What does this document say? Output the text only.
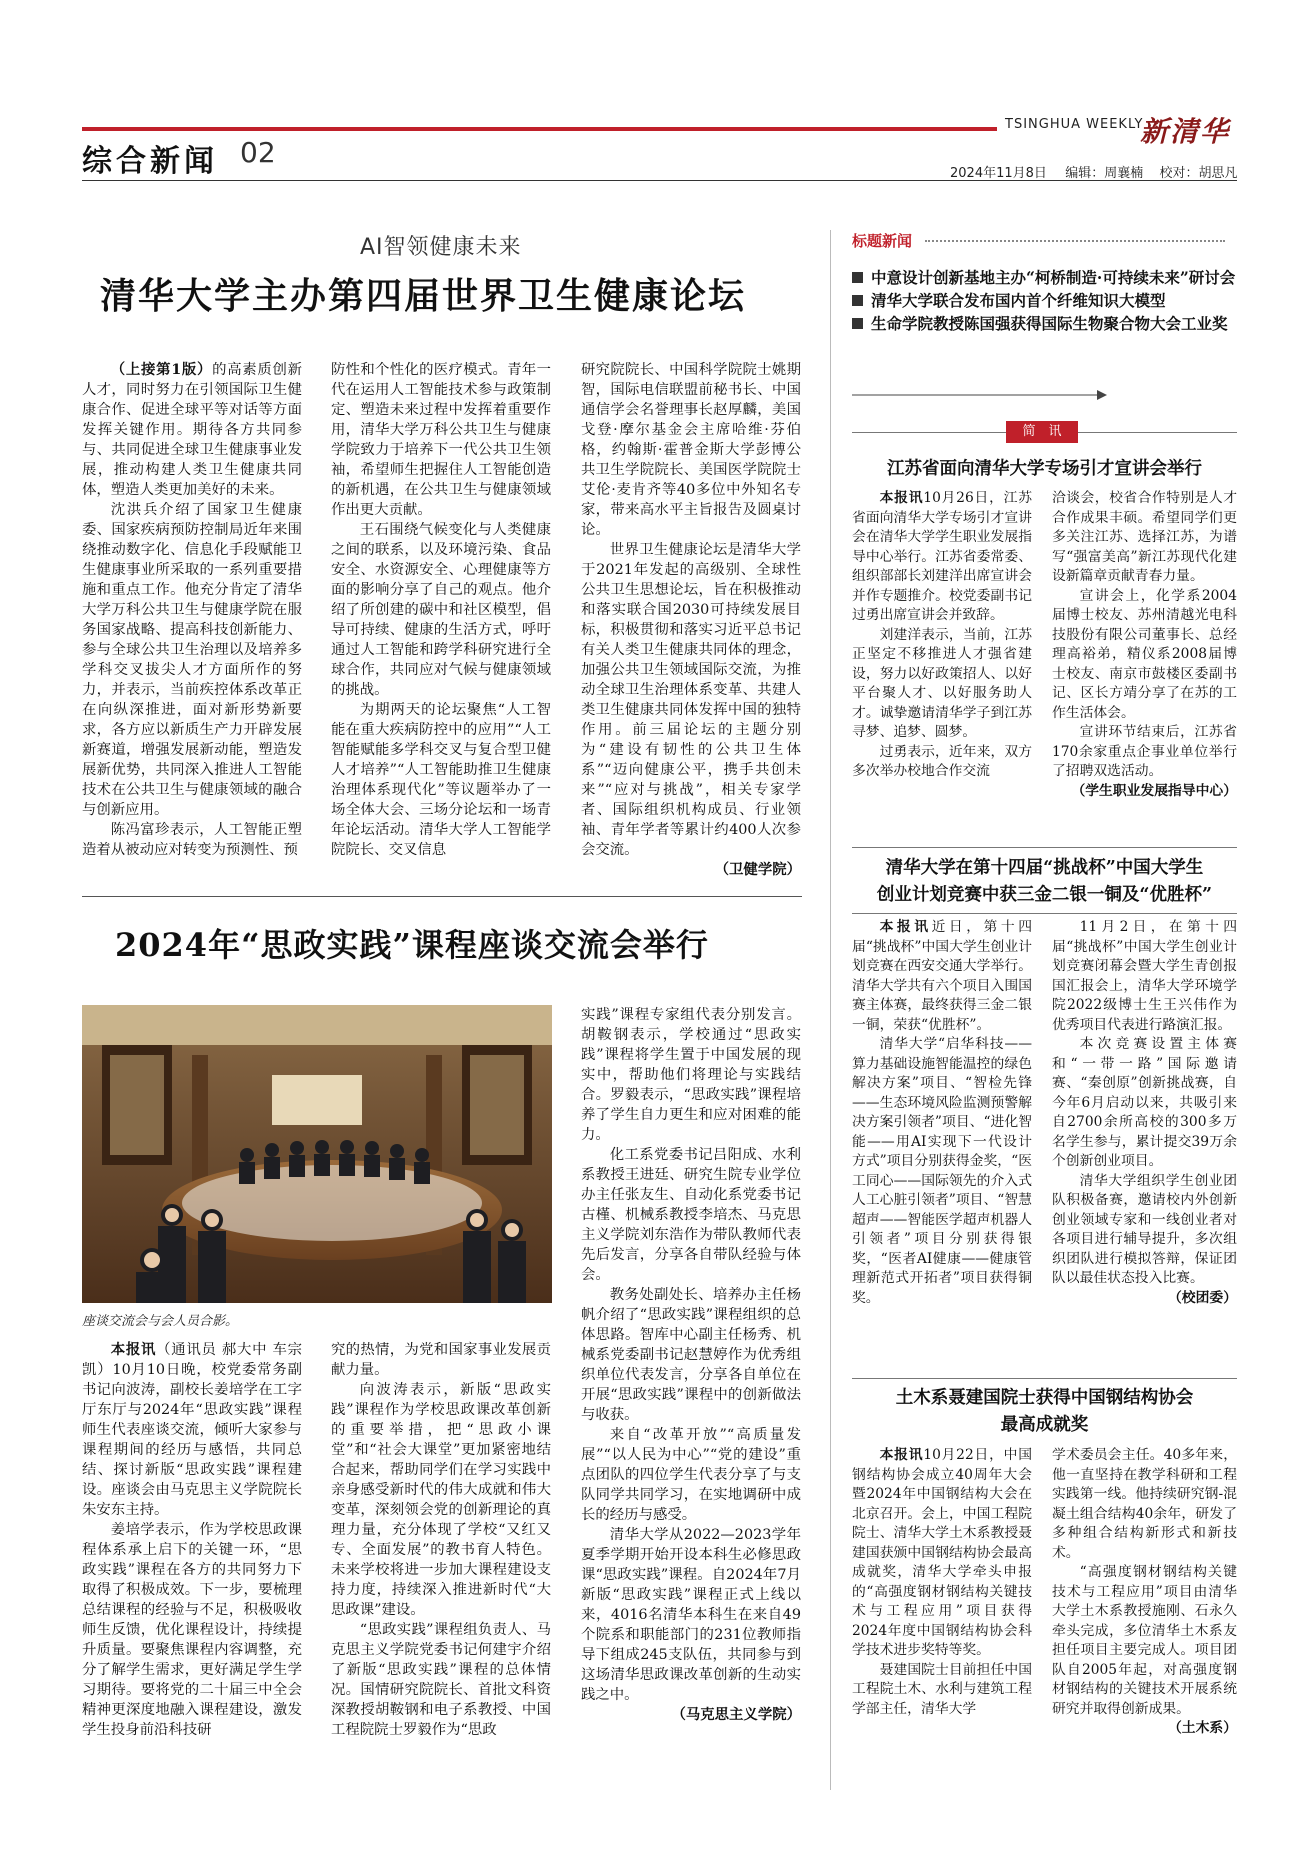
TSINGHUA WEEKLY
新清华
综合新闻 02
2024年11月8日 编辑：周襄楠 校对：胡思凡
AI智领健康未来
清华大学主办第四届世界卫生健康论坛

（上接第1版）的高素质创新人才，同时努力在引领国际卫生健康合作、促进全球平等对话等方面发挥关键作用。期待各方共同参与、共同促进全球卫生健康事业发展，推动构建人类卫生健康共同体，塑造人类更加美好的未来。

沈洪兵介绍了国家卫生健康委、国家疾病预防控制局近年来围绕推动数字化、信息化手段赋能卫生健康事业所采取的一系列重要措施和重点工作。他充分肯定了清华大学万科公共卫生与健康学院在服务国家战略、提高科技创新能力、参与全球公共卫生治理以及培养多学科交叉拔尖人才方面所作的努力，并表示，当前疾控体系改革正在向纵深推进，面对新形势新要求，各方应以新质生产力开辟发展新赛道，增强发展新动能，塑造发展新优势，共同深入推进人工智能技术在公共卫生与健康领域的融合与创新应用。

陈冯富珍表示，人工智能正塑造着从被动应对转变为预测性、预

防性和个性化的医疗模式。青年一代在运用人工智能技术参与政策制定、塑造未来过程中发挥着重要作用，清华大学万科公共卫生与健康学院致力于培养下一代公共卫生领袖，希望师生把握住人工智能创造的新机遇，在公共卫生与健康领域作出更大贡献。

王石围绕气候变化与人类健康之间的联系，以及环境污染、食品安全、水资源安全、心理健康等方面的影响分享了自己的观点。他介绍了所创建的碳中和社区模型，倡导可持续、健康的生活方式，呼吁通过人工智能和跨学科研究进行全球合作，共同应对气候与健康领域的挑战。

为期两天的论坛聚焦“人工智能在重大疾病防控中的应用”“人工智能赋能多学科交叉与复合型卫健人才培养”“人工智能助推卫生健康治理体系现代化”等议题举办了一场全体大会、三场分论坛和一场青年论坛活动。清华大学人工智能学院院长、交叉信息

研究院院长、中国科学院院士姚期智，国际电信联盟前秘书长、中国通信学会名誉理事长赵厚麟，美国戈登·摩尔基金会主席哈维·芬伯格，约翰斯·霍普金斯大学彭博公共卫生学院院长、美国医学院院士艾伦·麦肯齐等40多位中外知名专家，带来高水平主旨报告及圆桌讨论。

世界卫生健康论坛是清华大学于2021年发起的高级别、全球性公共卫生思想论坛，旨在积极推动和落实联合国2030可持续发展目标，积极贯彻和落实习近平总书记有关人类卫生健康共同体的理念，加强公共卫生领域国际交流，为推动全球卫生治理体系变革、共建人类卫生健康共同体发挥中国的独特作用。前三届论坛的主题分别为“建设有韧性的公共卫生体系”“迈向健康公平，携手共创未来”“应对与挑战”，相关专家学者、国际组织机构成员、行业领袖、青年学者等累计约400人次参会交流。

（卫健学院）

2024年“思政实践”课程座谈交流会举行
座谈交流会与会人员合影。

本报讯（通讯员 郝大中 车宗凯）10月10日晚，校党委常务副书记向波涛，副校长姜培学在工字厅东厅与2024年“思政实践”课程师生代表座谈交流，倾听大家参与课程期间的经历与感悟，共同总结、探讨新版“思政实践”课程建设。座谈会由马克思主义学院院长朱安东主持。

姜培学表示，作为学校思政课程体系承上启下的关键一环，“思政实践”课程在各方的共同努力下取得了积极成效。下一步，要梳理总结课程的经验与不足，积极吸收师生反馈，优化课程设计，持续提升质量。要聚焦课程内容调整，充分了解学生需求，更好满足学生学习期待。要将党的二十届三中全会精神更深度地融入课程建设，激发学生投身前沿科技研

究的热情，为党和国家事业发展贡献力量。

向波涛表示，新版“思政实践”课程作为学校思政课改革创新的重要举措，把“思政小课堂”和“社会大课堂”更加紧密地结合起来，帮助同学们在学习实践中亲身感受新时代的伟大成就和伟大变革，深刻领会党的创新理论的真理力量，充分体现了学校“又红又专、全面发展”的教书育人特色。未来学校将进一步加大课程建设支持力度，持续深入推进新时代“大思政课”建设。

“思政实践”课程组负责人、马克思主义学院党委书记何建宇介绍了新版“思政实践”课程的总体情况。国情研究院院长、首批文科资深教授胡鞍钢和电子系教授、中国工程院院士罗毅作为“思政

实践”课程专家组代表分别发言。胡鞍钢表示，学校通过“思政实践”课程将学生置于中国发展的现实中，帮助他们将理论与实践结合。罗毅表示，“思政实践”课程培养了学生自力更生和应对困难的能力。

化工系党委书记吕阳成、水利系教授王进廷、研究生院专业学位办主任张友生、自动化系党委书记古槿、机械系教授李培杰、马克思主义学院刘东浩作为带队教师代表先后发言，分享各自带队经验与体会。

教务处副处长、培养办主任杨帆介绍了“思政实践”课程组织的总体思路。智库中心副主任杨秀、机械系党委副书记赵慧婷作为优秀组织单位代表发言，分享各自单位在开展“思政实践”课程中的创新做法与收获。

来自“改革开放”“高质量发展”“以人民为中心”“党的建设”重点团队的四位学生代表分享了与支队同学共同学习，在实地调研中成长的经历与感受。

清华大学从2022—2023学年夏季学期开始开设本科生必修思政课“思政实践”课程。自2024年7月新版“思政实践”课程正式上线以来，4016名清华本科生在来自49个院系和职能部门的231位教师指导下组成245支队伍，共同参与到这场清华思政课改革创新的生动实践之中。

（马克思主义学院）

标题新闻
中意设计创新基地主办“柯桥制造·可持续未来”研讨会
清华大学联合发布国内首个纤维知识大模型
生命学院教授陈国强获得国际生物聚合物大会工业奖
简　讯
江苏省面向清华大学专场引才宣讲会举行

本报讯10月26日，江苏省面向清华大学专场引才宣讲会在清华大学学生职业发展指导中心举行。江苏省委常委、组织部部长刘建洋出席宣讲会并作专题推介。校党委副书记过勇出席宣讲会并致辞。

刘建洋表示，当前，江苏正坚定不移推进人才强省建设，努力以好政策招人、以好平台聚人才、以好服务助人才。诚挚邀请清华学子到江苏寻梦、追梦、圆梦。

过勇表示，近年来，双方多次举办校地合作交流

洽谈会，校省合作特别是人才合作成果丰硕。希望同学们更多关注江苏、选择江苏，为谱写“强富美高”新江苏现代化建设新篇章贡献青春力量。

宣讲会上，化学系2004届博士校友、苏州清越光电科技股份有限公司董事长、总经理高裕弟，精仪系2008届博士校友、南京市鼓楼区委副书记、区长方靖分享了在苏的工作生活体会。

宣讲环节结束后，江苏省170余家重点企事业单位举行了招聘双选活动。

（学生职业发展指导中心）

清华大学在第十四届“挑战杯”中国大学生
创业计划竞赛中获三金二银一铜及“优胜杯”

本报讯近日，第十四届“挑战杯”中国大学生创业计划竞赛在西安交通大学举行。清华大学共有六个项目入围国赛主体赛，最终获得三金二银一铜，荣获“优胜杯”。

清华大学“启华科技——算力基础设施智能温控的绿色解决方案”项目、“智检先锋——生态环境风险监测预警解决方案引领者”项目、“进化智能——用AI实现下一代设计方式”项目分别获得金奖，“医工同心——国际领先的介入式人工心脏引领者”项目、“智慧超声——智能医学超声机器人引领者”项目分别获得银奖，“医者AI健康——健康管理新范式开拓者”项目获得铜奖。

11月2日，在第十四届“挑战杯”中国大学生创业计划竞赛闭幕会暨大学生青创报国汇报会上，清华大学环境学院2022级博士生王兴伟作为优秀项目代表进行路演汇报。

本次竞赛设置主体赛和“一带一路”国际邀请赛、“秦创原”创新挑战赛，自今年6月启动以来，共吸引来自2700余所高校的300多万名学生参与，累计提交39万余个创新创业项目。

清华大学组织学生创业团队积极备赛，邀请校内外创新创业领域专家和一线创业者对各项目进行辅导提升，多次组织团队进行模拟答辩，保证团队以最佳状态投入比赛。

（校团委）

土木系聂建国院士获得中国钢结构协会
最高成就奖

本报讯10月22日，中国钢结构协会成立40周年大会暨2024年中国钢结构大会在北京召开。会上，中国工程院院士、清华大学土木系教授聂建国获颁中国钢结构协会最高成就奖，清华大学牵头申报的“高强度钢材钢结构关键技术与工程应用”项目获得2024年度中国钢结构协会科学技术进步奖特等奖。

聂建国院士目前担任中国工程院土木、水利与建筑工程学部主任，清华大学

学术委员会主任。40多年来，他一直坚持在教学科研和工程实践第一线。他持续研究钢-混凝土组合结构40余年，研发了多种组合结构新形式和新技术。

“高强度钢材钢结构关键技术与工程应用”项目由清华大学土木系教授施刚、石永久牵头完成，多位清华土木系友担任项目主要完成人。项目团队自2005年起，对高强度钢材钢结构的关键技术开展系统研究并取得创新成果。

（土木系）
